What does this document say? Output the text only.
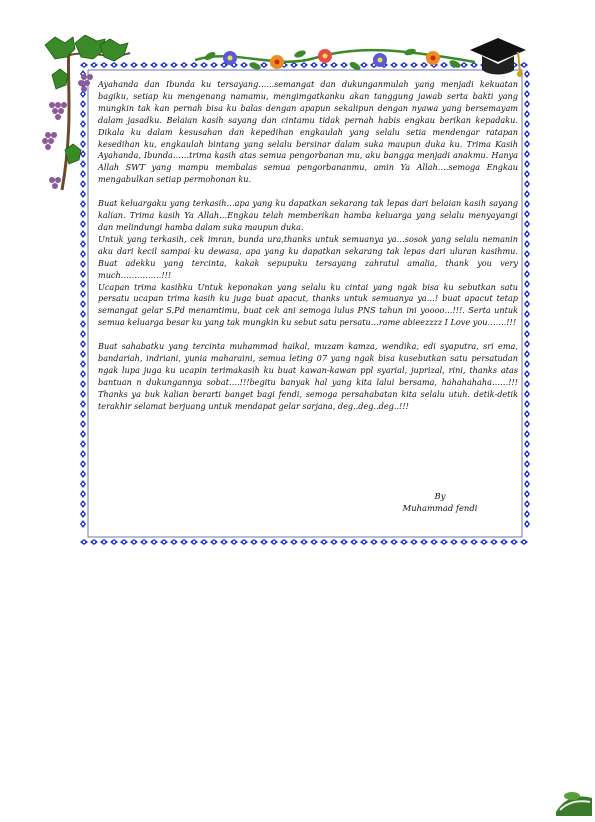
Ayahanda dan Ibunda ku tersayang…...semangat dan dukunganmulah yang menjadi kekuatan bagiku, setiap ku mengenang namamu, mengimgatkanku akan tanggung jawab serta bakti yang mungkin tak kan pernah bisa ku balas dengan apapun sekalipun dengan nyawa yang bersemayam dalam jasadku. Belaian kasih sayang dan cintamu tidak pernah habis engkau berikan kepadaku. Dikala ku dalam kesusahan dan kepedihan engkaulah yang selalu setia mendengar ratapan kesedihan ku, engkaulah bintang yang selalu bersinar dalam suka maupun duka ku. Trima Kasih Ayahanda, Ibunda……trima kasih atas semua pengorbanan mu, aku bangga menjadi anakmu. Hanya Allah SWT yang mampu membalas semua pengorbananmu, amin Ya Allah….semoga Engkau mengabulkan setiap permohonan ku.

Buat keluargaku yang terkasih…apa yang ku dapatkan sekarang tak lepas dari belaian kasih sayang kalian. Trima kasih Ya Allah…Engkau telah memberikan hamba keluarga yang selalu menyayangi dan melindungi hamba dalam suka maupun duka.

Untuk yang terkasih, cek imran, bunda ura,thanks untuk semuanya ya…sosok yang selalu nemanin aku dari kecil sampai ku dewasa, apa yang ku dapatkan sekarang tak lepas dari uluran kasihmu. Buat adekku yang tercinta, kakak sepupuku tersayang zahratul amalia, thank you very much……………!!!

Ucapan trima kasihku Untuk keponakan yang selalu ku cintai yang ngak bisa ku sebutkan satu persatu ucapan trima kasih ku juga buat apacut, thanks untuk semuanya ya…! buat apacut tetap semangat gelar S.Pd menamtimu, buat cek ani semoga lulus PNS tahun ini yoooo…!!!. Serta untuk semua keluarga besar ku yang tak mungkin ku sebut satu persatu…rame abieezzzz I Love you…….!!!

Buat sahabatku yang tercinta muhammad haikal, muzam kamza, wendika, edi syaputra, sri ema, bandariah, indriani, yunia maharaini, semua leting 07 yang ngak bisa kusebutkan satu persatudan ngak lupa juga ku ucapin terimakasih ku buat kawan-kawan ppl syarial, juprizal, rini, thanks atas bantuan n dukungannya sobat….!!!begitu banyak hal yang kita lalui bersama, hahahahaha……!!! Thanks ya buk kalian berarti banget bagi fendi, semoga persahabatan kita selalu utuh. detik-detik terakhir selamat berjuang untuk mendapat gelar sarjana, deg..deg..deg..!!!

By
Muhammad fendi
